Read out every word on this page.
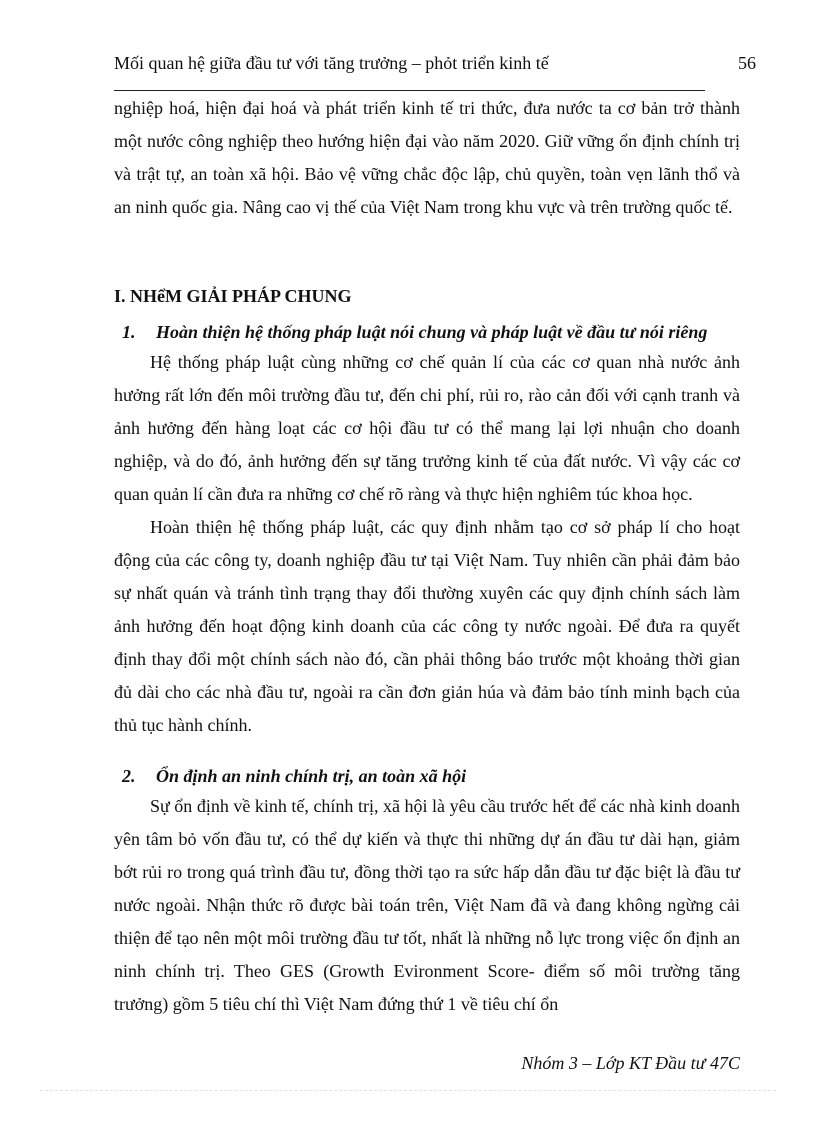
Mối quan hệ giữa đầu tư với tăng trưởng – phỏt triển kinh tế	56

nghiệp hoá, hiện đại hoá và phát triển kinh tế tri thức, đưa nước ta cơ bản trở thành một nước công nghiệp theo hướng hiện đại vào năm 2020. Giữ vững ổn định chính trị và trật tự, an toàn xã hội. Bảo vệ vững chắc độc lập, chủ quyền, toàn vẹn lãnh thổ và an ninh quốc gia. Nâng cao vị thế của Việt Nam trong khu vực và trên trường quốc tế.

I. NHểM GIẢI PHÁP CHUNG
1. Hoàn thiện hệ thống pháp luật nói chung và pháp luật về đầu tư nói riêng

Hệ thống pháp luật cùng những cơ chế quản lí của các cơ quan nhà nước ảnh hưởng rất lớn đến môi trường đầu tư, đến chi phí, rủi ro, rào cản đối với cạnh tranh và ảnh hưởng đến hàng loạt các cơ hội đầu tư có thể mang lại lợi nhuận cho doanh nghiệp, và do đó, ảnh hưởng đến sự tăng trưởng kinh tế của đất nước. Vì vậy các cơ quan quản lí cần đưa ra những cơ chế rõ ràng và thực hiện nghiêm túc khoa học.

Hoàn thiện hệ thống pháp luật, các quy định nhằm tạo cơ sở pháp lí cho hoạt động của các công ty, doanh nghiệp đầu tư tại Việt Nam. Tuy nhiên cần phải đảm bảo sự nhất quán và tránh tình trạng thay đổi thường xuyên các quy định chính sách làm ảnh hưởng đến hoạt động kinh doanh của các công ty nước ngoài. Để đưa ra quyết định thay đổi một chính sách nào đó, cần phải thông báo trước một khoảng thời gian đủ dài cho các nhà đầu tư, ngoài ra cần đơn giản húa và đảm bảo tính minh bạch của thủ tục hành chính.

2. Ổn định an ninh chính trị, an toàn xã hội

Sự ổn định về kinh tế, chính trị, xã hội là yêu cầu trước hết để các nhà kinh doanh yên tâm bỏ vốn đầu tư, có thể dự kiến và thực thi những dự án đầu tư dài hạn, giảm bớt rủi ro trong quá trình đầu tư, đồng thời tạo ra sức hấp dẫn đầu tư đặc biệt là đầu tư nước ngoài. Nhận thức rõ được bài toán trên, Việt Nam đã và đang không ngừng cải thiện để tạo nên một môi trường đầu tư tốt, nhất là những nỗ lực trong việc ổn định an ninh chính trị. Theo GES (Growth Evironment Score- điểm số môi trường tăng trưởng) gồm 5 tiêu chí thì Việt Nam đứng thứ 1 về tiêu chí ổn

Nhóm 3 – Lớp KT Đầu tư 47C
